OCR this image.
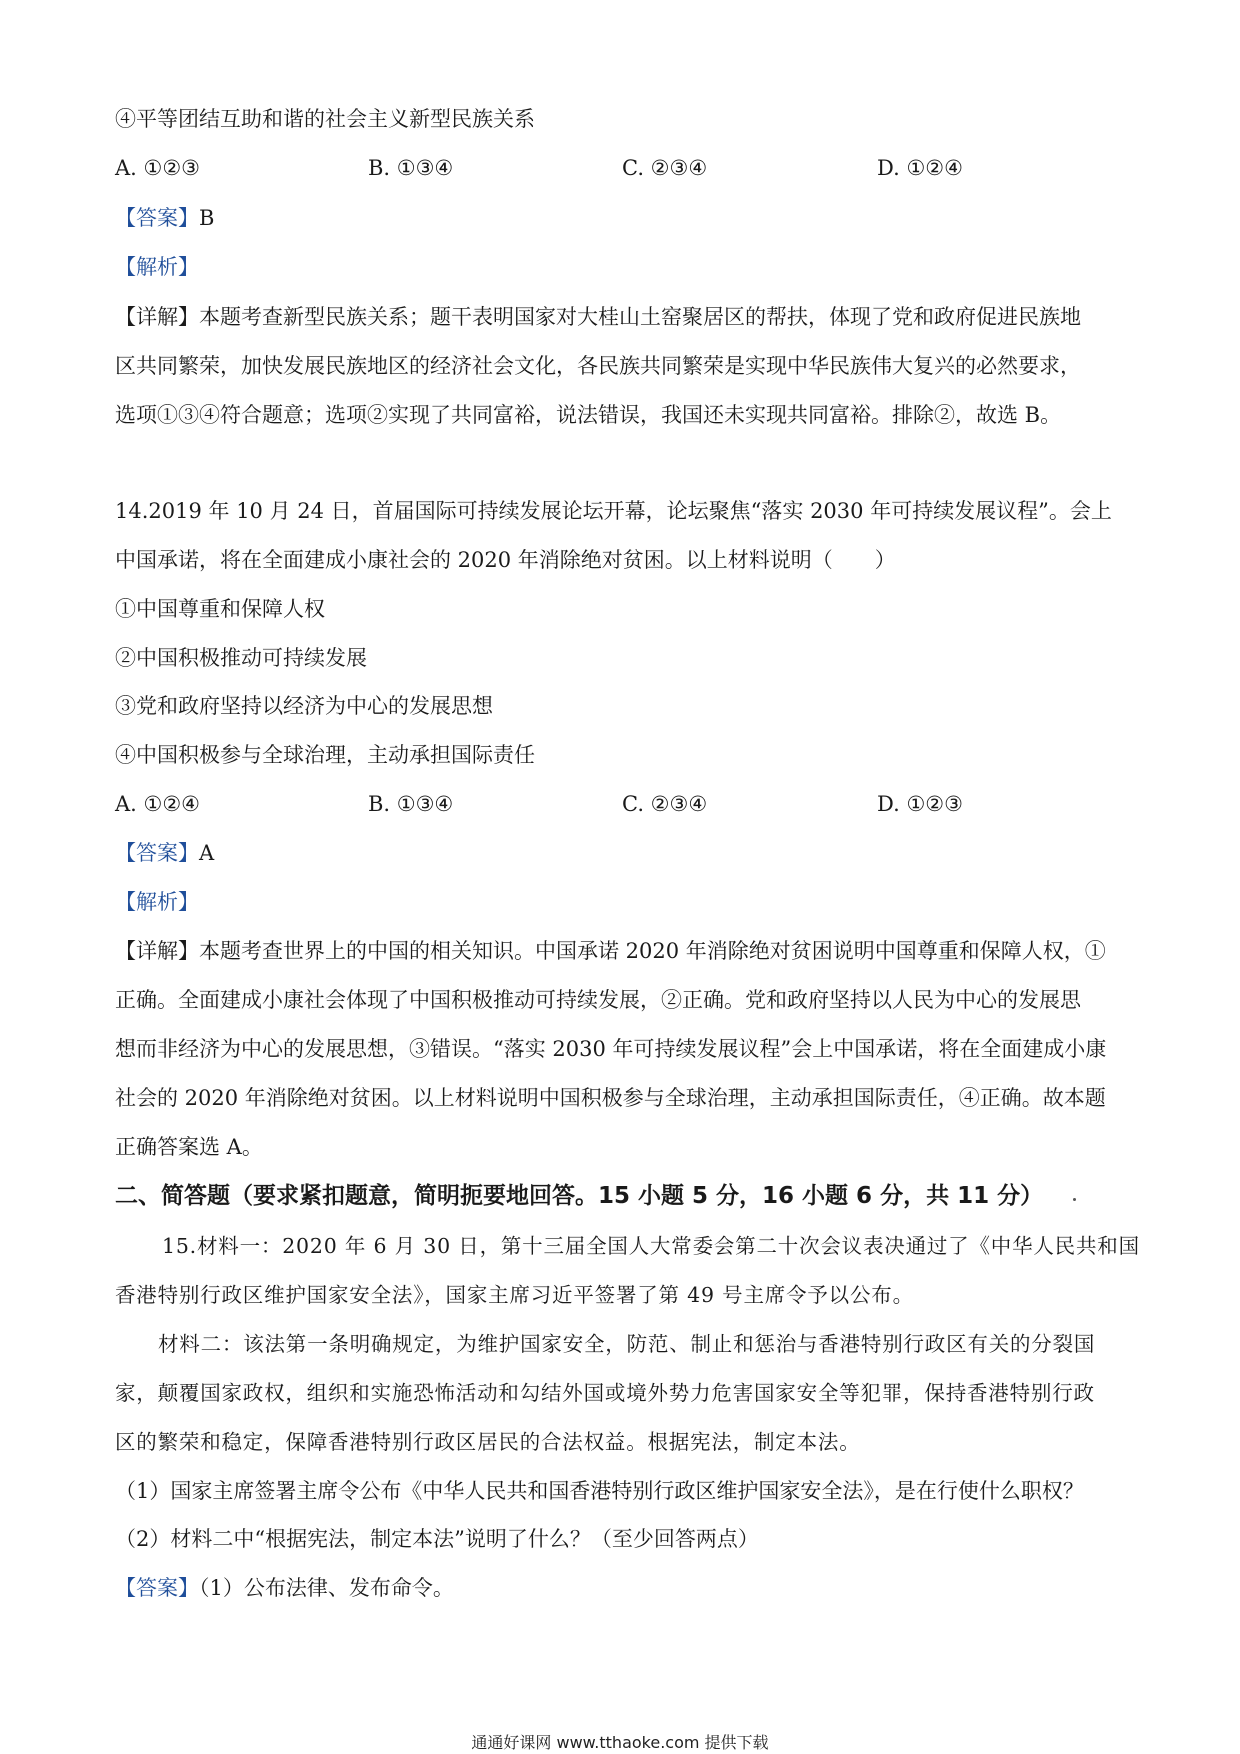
④平等团结互助和谐的社会主义新型民族关系
A. ①②③	B. ①③④	C. ②③④	D. ①②④
【答案】B
【解析】
【详解】本题考查新型民族关系；题干表明国家对大桂山土窑聚居区的帮扶，体现了党和政府促进民族地
区共同繁荣，加快发展民族地区的经济社会文化，各民族共同繁荣是实现中华民族伟大复兴的必然要求，
选项①③④符合题意；选项②实现了共同富裕，说法错误，我国还未实现共同富裕。排除②，故选 B。
14.2019 年 10 月 24 日，首届国际可持续发展论坛开幕，论坛聚焦“落实 2030 年可持续发展议程”。会上
中国承诺，将在全面建成小康社会的 2020 年消除绝对贫困。以上材料说明（　　）
①中国尊重和保障人权
②中国积极推动可持续发展
③党和政府坚持以经济为中心的发展思想
④中国积极参与全球治理，主动承担国际责任
A. ①②④	B. ①③④	C. ②③④	D. ①②③
【答案】A
【解析】
【详解】本题考查世界上的中国的相关知识。中国承诺 2020 年消除绝对贫困说明中国尊重和保障人权，①
正确。全面建成小康社会体现了中国积极推动可持续发展，②正确。党和政府坚持以人民为中心的发展思
想而非经济为中心的发展思想，③错误。“落实 2030 年可持续发展议程”会上中国承诺，将在全面建成小康
社会的 2020 年消除绝对贫困。以上材料说明中国积极参与全球治理，主动承担国际责任，④正确。故本题
正确答案选 A。
二、简答题（要求紧扣题意，简明扼要地回答。15 小题 5 分，16 小题 6 分，共 11 分）
15.材料一：2020 年 6 月 30 日，第十三届全国人大常委会第二十次会议表决通过了《中华人民共和国
香港特别行政区维护国家安全法》，国家主席习近平签署了第 49 号主席令予以公布。
材料二：该法第一条明确规定，为维护国家安全，防范、制止和惩治与香港特别行政区有关的分裂国
家，颠覆国家政权，组织和实施恐怖活动和勾结外国或境外势力危害国家安全等犯罪，保持香港特别行政
区的繁荣和稳定，保障香港特别行政区居民的合法权益。根据宪法，制定本法。
（1）国家主席签署主席令公布《中华人民共和国香港特别行政区维护国家安全法》，是在行使什么职权？
（2）材料二中“根据宪法，制定本法”说明了什么？（至少回答两点）
【答案】（1）公布法律、发布命令。
通通好课网 www.tthaoke.com 提供下载
